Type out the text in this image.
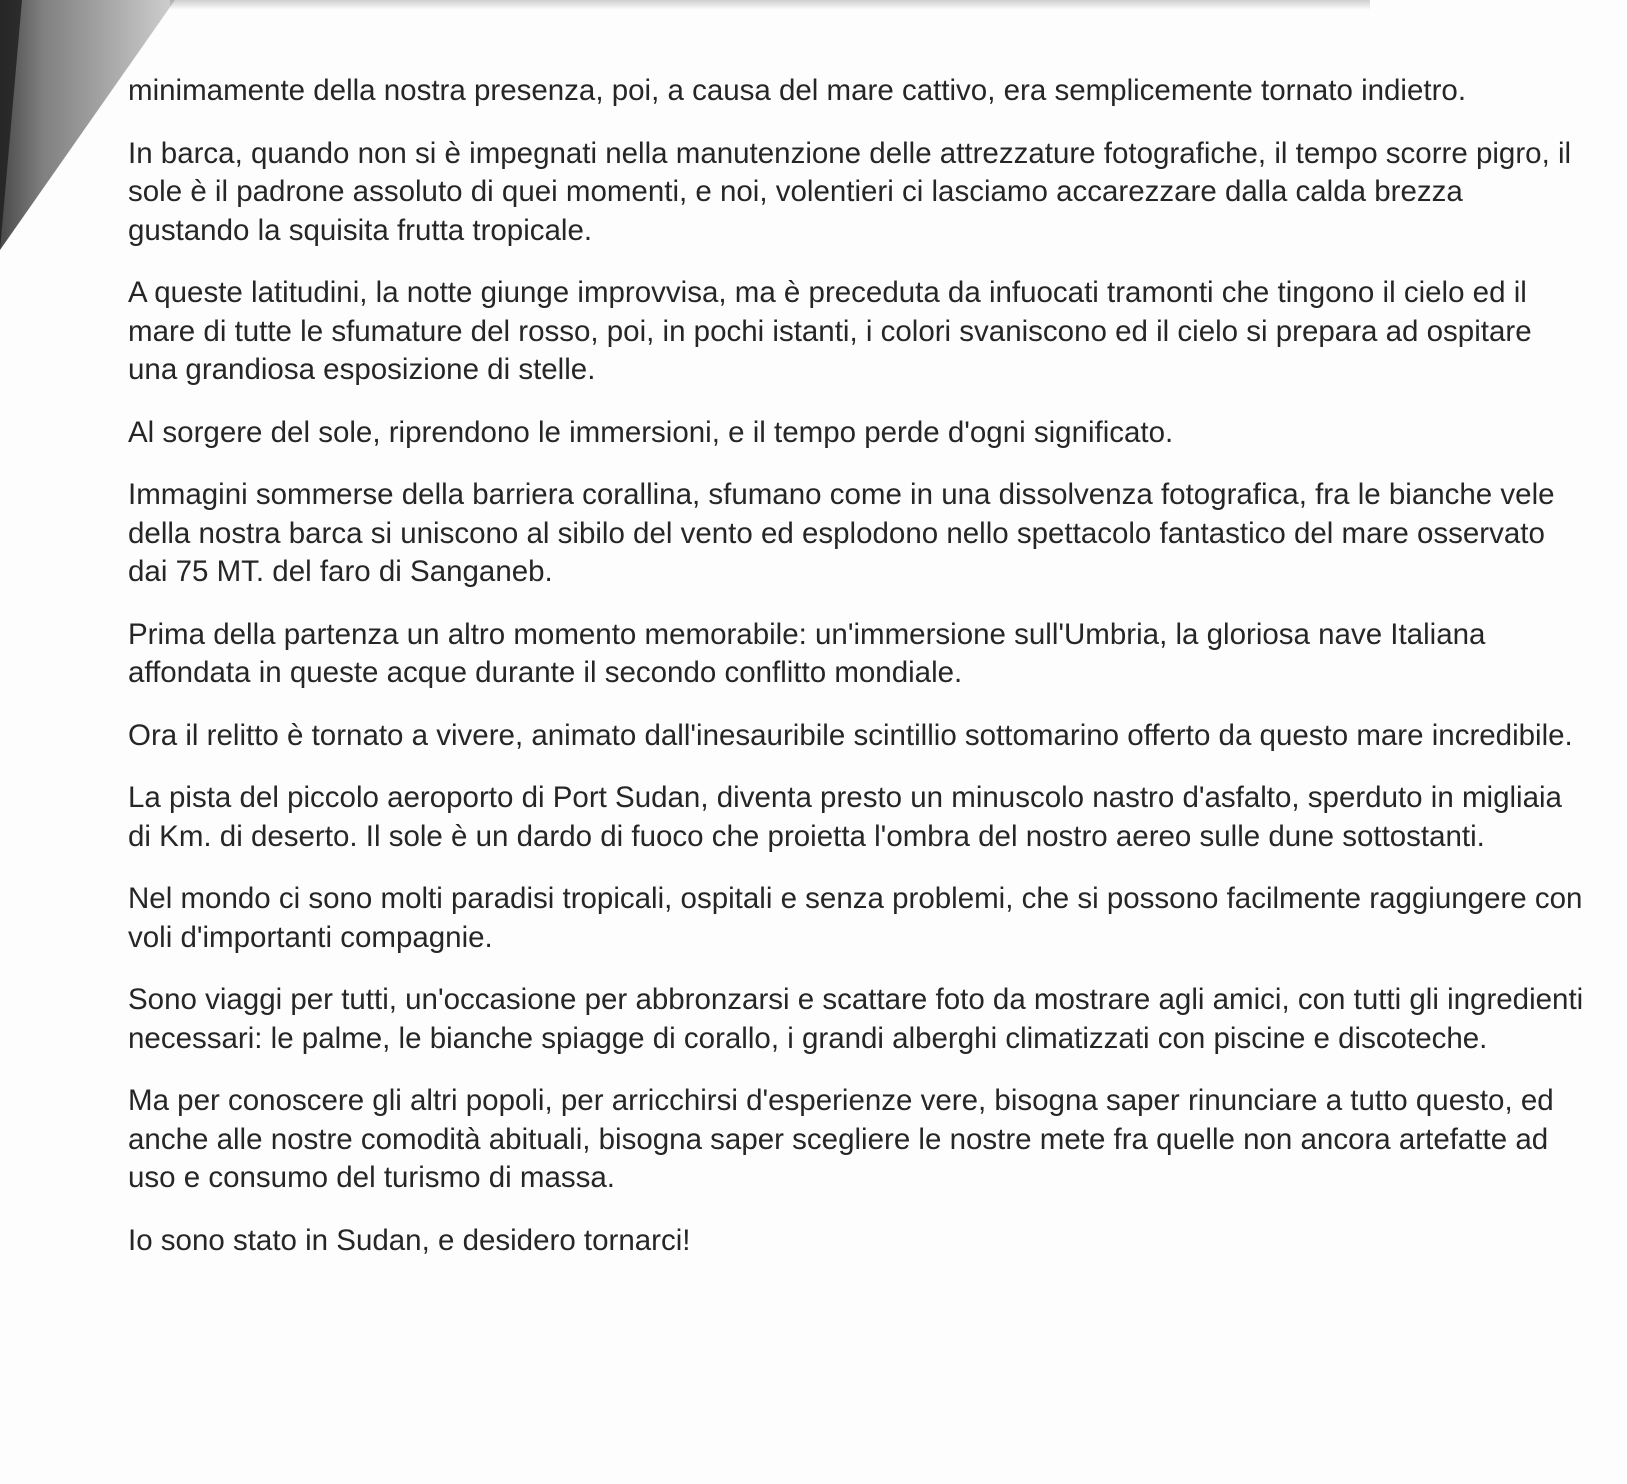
minimamente della nostra presenza, poi, a causa del mare cattivo, era semplicemente tornato indietro.

In barca, quando non si è impegnati nella manutenzione delle attrezzature fotografiche, il tempo scorre pigro, il sole è il padrone assoluto di quei momenti, e noi, volentieri ci lasciamo accarezzare dalla calda brezza gustando la squisita frutta tropicale.

A queste latitudini, la notte giunge improvvisa, ma è preceduta da infuocati tramonti che tingono il cielo ed il mare di tutte le sfumature del rosso, poi, in pochi istanti, i colori svaniscono ed il cielo si prepara ad ospitare una grandiosa esposizione di stelle.

Al sorgere del sole, riprendono le immersioni, e il tempo perde d'ogni significato.

Immagini sommerse della barriera corallina, sfumano come in una dissolvenza fotografica, fra le bianche vele della nostra barca si uniscono al sibilo del vento ed esplodono nello spettacolo fantastico del mare osservato dai 75 MT. del faro di Sanganeb.

Prima della partenza un altro momento memorabile: un'immersione sull'Umbria, la gloriosa nave Italiana affondata in queste acque durante il secondo conflitto mondiale.

Ora il relitto è tornato a vivere, animato dall'inesauribile scintillio sottomarino offerto da questo mare incredibile.

La pista del piccolo aeroporto di Port Sudan, diventa presto un minuscolo nastro d'asfalto, sperduto in migliaia di Km. di deserto. Il sole è un dardo di fuoco che proietta l'ombra del nostro aereo sulle dune sottostanti.

Nel mondo ci sono molti paradisi tropicali, ospitali e senza problemi, che si possono facilmente raggiungere con voli d'importanti compagnie.

Sono viaggi per tutti, un'occasione per abbronzarsi e scattare foto da mostrare agli amici, con tutti gli ingredienti necessari: le palme, le bianche spiagge di corallo, i grandi alberghi climatizzati con piscine e discoteche.

Ma per conoscere gli altri popoli, per arricchirsi d'esperienze vere, bisogna saper rinunciare a tutto questo, ed anche alle nostre comodità abituali, bisogna saper scegliere le nostre mete fra quelle non ancora artefatte ad uso e consumo del turismo di massa.

Io sono stato in Sudan, e desidero tornarci!
